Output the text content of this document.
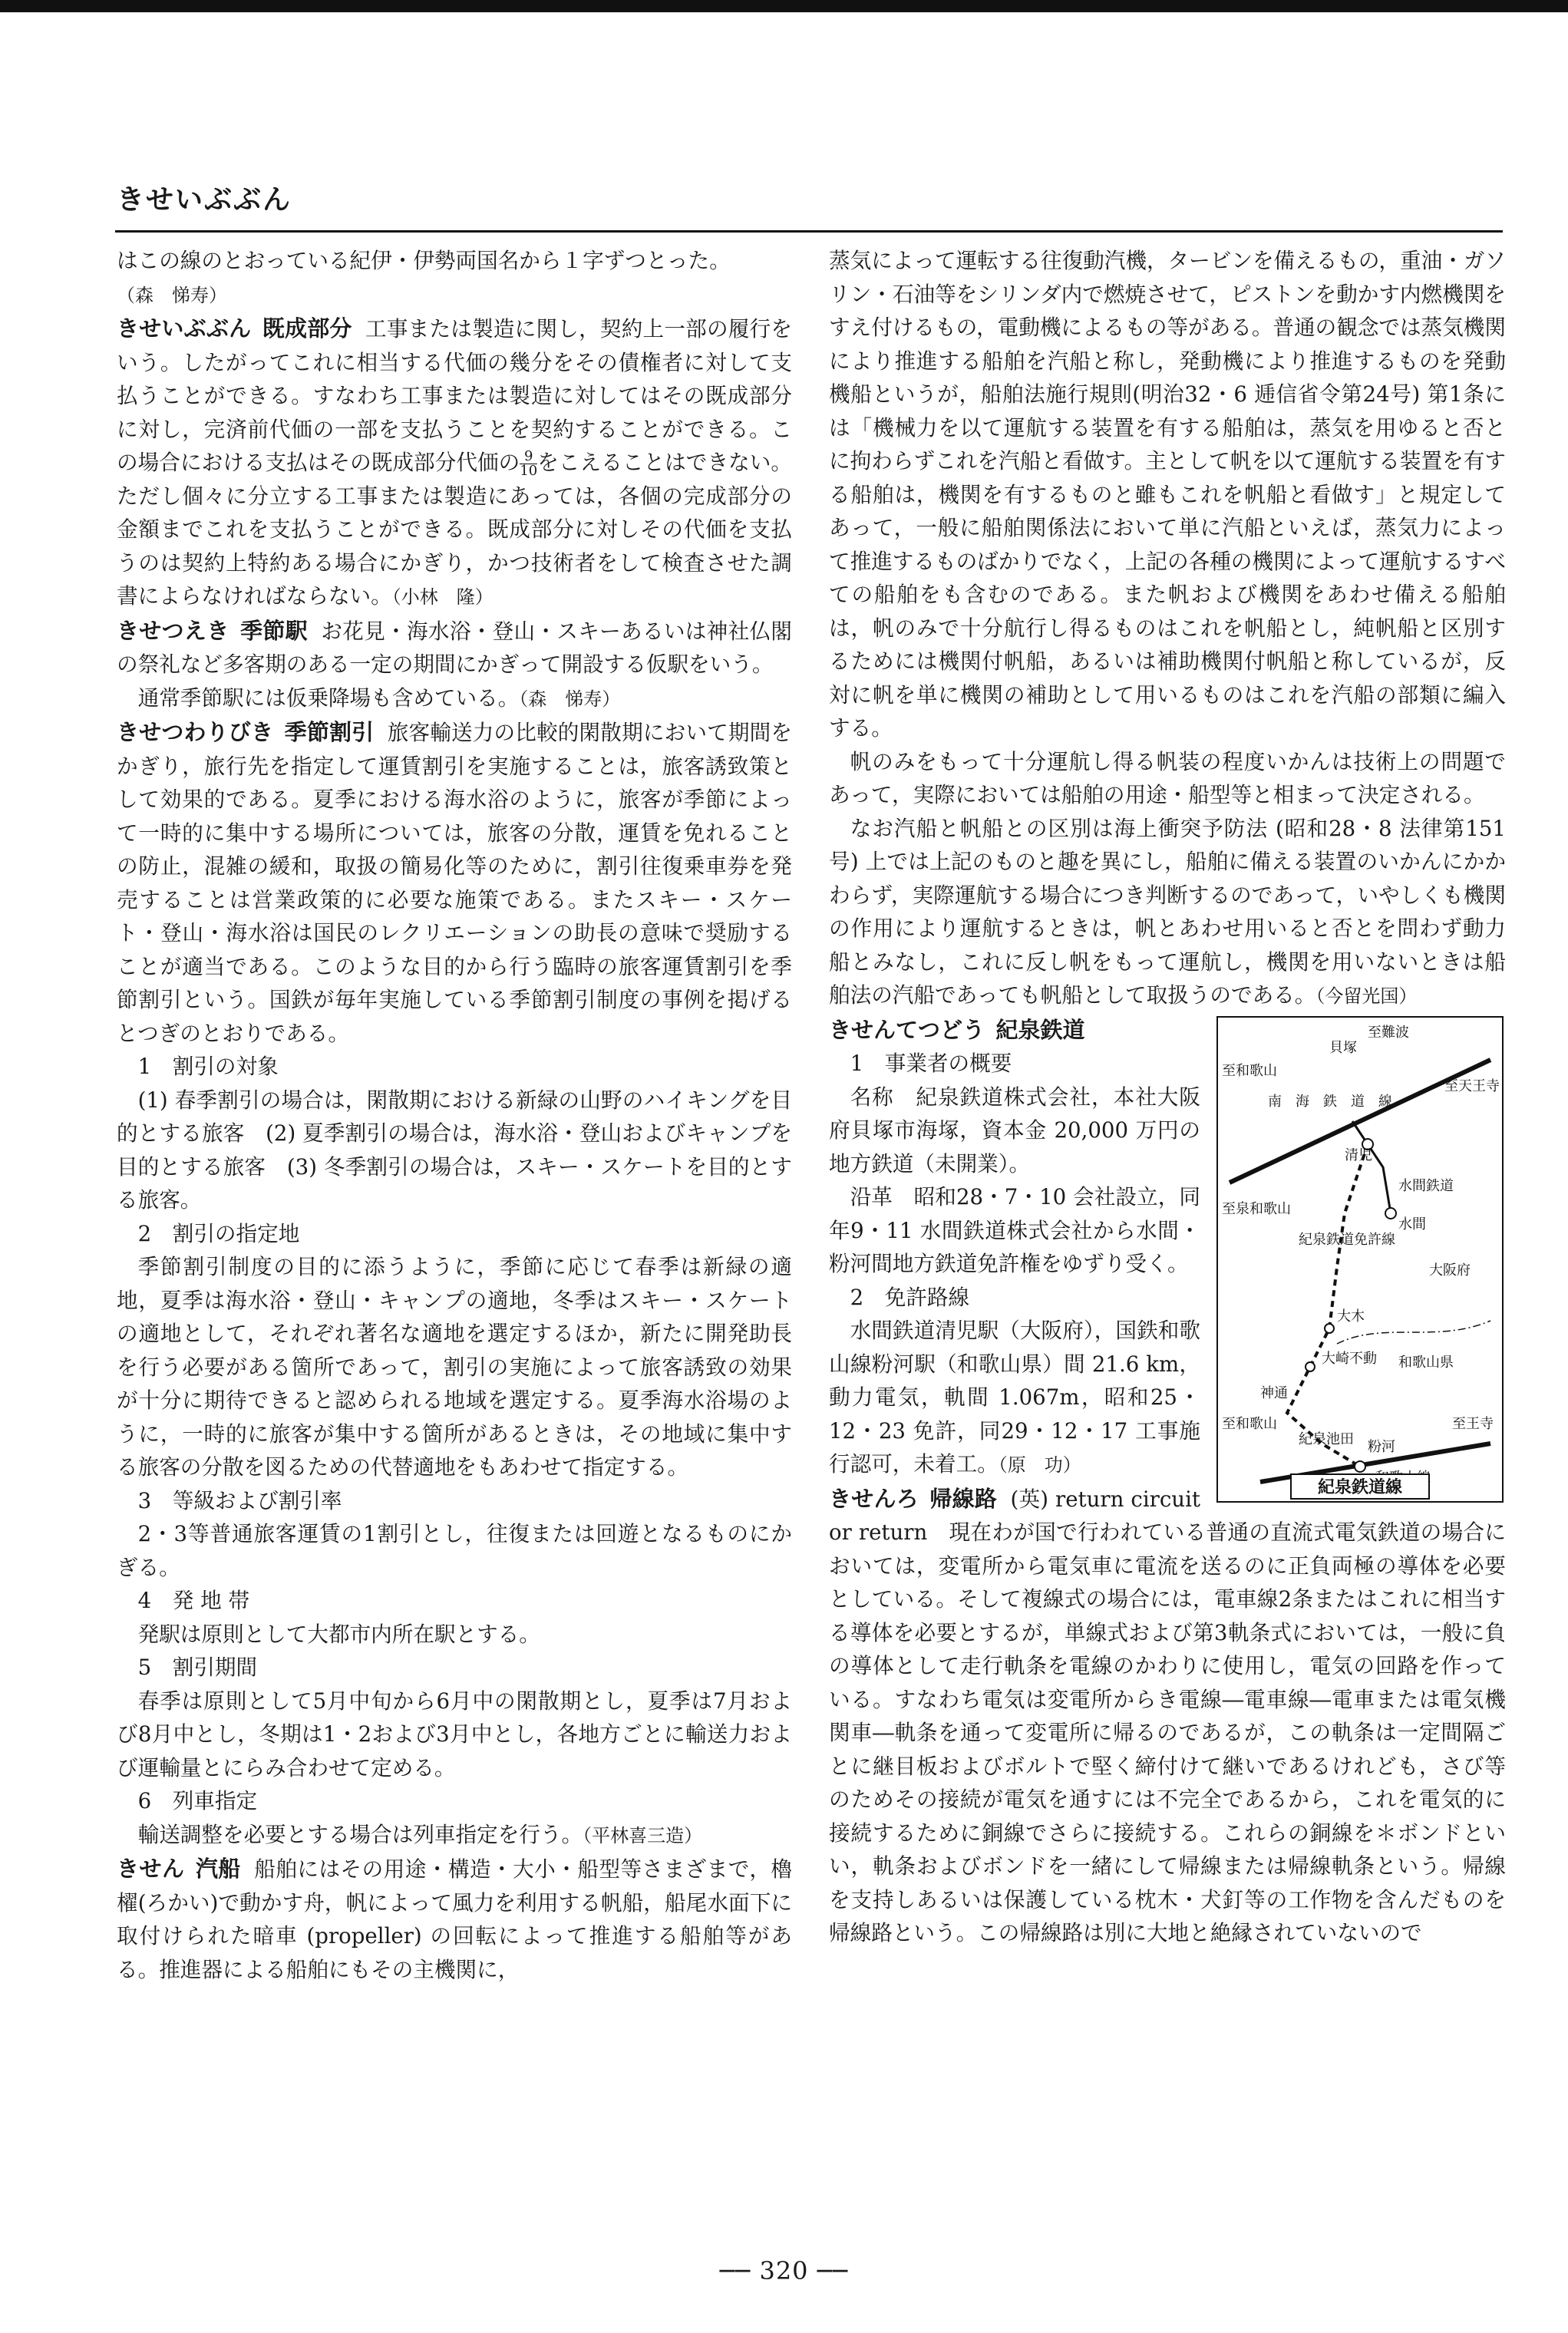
きせいぶぶん

はこの線のとおっている紀伊・伊勢両国名から１字ずつとった。
（森　悌寿）

きせいぶぶん 既成部分 工事または製造に関し，契約上一部の履行をいう。したがってこれに相当する代価の幾分をその債権者に対して支払うことができる。すなわち工事または製造に対してはその既成部分に対し，完済前代価の一部を支払うことを契約することができる。この場合における支払はその既成部分代価の $\frac{9}{10}$ をこえることはできない。ただし個々に分立する工事または製造にあっては，各個の完成部分の金額までこれを支払うことができる。既成部分に対しその代価を支払うのは契約上特約ある場合にかぎり，かつ技術者をして検査させた調書によらなければならない。（小林　隆）

きせつえき 季節駅 お花見・海水浴・登山・スキーあるいは神社仏閣の祭礼など多客期のある一定の期間にかぎって開設する仮駅をいう。

通常季節駅には仮乗降場も含めている。（森　悌寿）

きせつわりびき 季節割引 旅客輸送力の比較的閑散期において期間をかぎり，旅行先を指定して運賃割引を実施することは，旅客誘致策として効果的である。夏季における海水浴のように，旅客が季節によって一時的に集中する場所については，旅客の分散，運賃を免れることの防止，混雑の緩和，取扱の簡易化等のために，割引往復乗車券を発売することは営業政策的に必要な施策である。またスキー・スケート・登山・海水浴は国民のレクリエーションの助長の意味で奨励することが適当である。このような目的から行う臨時の旅客運賃割引を季節割引という。国鉄が毎年実施している季節割引制度の事例を掲げるとつぎのとおりである。

1　割引の対象

(1) 春季割引の場合は，閑散期における新緑の山野のハイキングを目的とする旅客　(2) 夏季割引の場合は，海水浴・登山およびキャンプを目的とする旅客　(3) 冬季割引の場合は，スキー・スケートを目的とする旅客。

2　割引の指定地

季節割引制度の目的に添うように，季節に応じて春季は新緑の適地，夏季は海水浴・登山・キャンプの適地，冬季はスキー・スケートの適地として，それぞれ著名な適地を選定するほか，新たに開発助長を行う必要がある箇所であって，割引の実施によって旅客誘致の効果が十分に期待できると認められる地域を選定する。夏季海水浴場のように，一時的に旅客が集中する箇所があるときは，その地域に集中する旅客の分散を図るための代替適地をもあわせて指定する。

3　等級および割引率

2・3等普通旅客運賃の1割引とし，往復または回遊となるものにかぎる。

4　発 地 帯

発駅は原則として大都市内所在駅とする。

5　割引期間

春季は原則として5月中旬から6月中の閑散期とし，夏季は7月および8月中とし，冬期は1・2および3月中とし，各地方ごとに輸送力および運輸量とにらみ合わせて定める。

6　列車指定

輸送調整を必要とする場合は列車指定を行う。（平林喜三造）

きせん 汽船 船舶にはその用途・構造・大小・船型等さまざまで，櫓櫂(ろかい)で動かす舟，帆によって風力を利用する帆船，船尾水面下に取付けられた暗車 (propeller) の回転によって推進する船舶等がある。推進器による船舶にもその主機関に，

蒸気によって運転する往復動汽機，タービンを備えるもの，重油・ガソリン・石油等をシリンダ内で燃焼させて，ピストンを動かす内燃機関をすえ付けるもの，電動機によるもの等がある。普通の観念では蒸気機関により推進する船舶を汽船と称し，発動機により推進するものを発動機船というが，船舶法施行規則(明治32・6 逓信省令第24号) 第1条には「機械力を以て運航する装置を有する船舶は，蒸気を用ゆると否とに拘わらずこれを汽船と看做す。主として帆を以て運航する装置を有する船舶は，機関を有するものと雖もこれを帆船と看做す」と規定してあって，一般に船舶関係法において単に汽船といえば，蒸気力によって推進するものばかりでなく，上記の各種の機関によって運航するすべての船舶をも含むのである。また帆および機関をあわせ備える船舶は，帆のみで十分航行し得るものはこれを帆船とし，純帆船と区別するためには機関付帆船，あるいは補助機関付帆船と称しているが，反対に帆を単に機関の補助として用いるものはこれを汽船の部類に編入する。

帆のみをもって十分運航し得る帆装の程度いかんは技術上の問題であって，実際においては船舶の用途・船型等と相まって決定される。

なお汽船と帆船との区別は海上衝突予防法 (昭和28・8 法律第151号) 上では上記のものと趣を異にし，船舶に備える装置のいかんにかかわらず，実際運航する場合につき判断するのであって，いやしくも機関の作用により運航するときは，帆とあわせ用いると否とを問わず動力船とみなし，これに反し帆をもって運航し，機関を用いないときは船舶法の汽船であっても帆船として取扱うのである。（今留光国）

至難波
貝塚
南　海　鉄　道　線
至和歌山
至天王寺
清児
水間鉄道
水間
至泉和歌山
大阪府
紀泉鉄道免許線
大木
大崎不動 和歌山県
神通
紀泉池田 粉河
至和歌山	至王寺
紀泉鉄道線

きせんてつどう 紀泉鉄道

1　事業者の概要

名称　紀泉鉄道株式会社，本社大阪府貝塚市海塚，資本金 20,000 万円の地方鉄道（未開業）。

沿革　昭和28・7・10 会社設立，同年9・11 水間鉄道株式会社から水間・粉河間地方鉄道免許権をゆずり受く。

2　免許路線

水間鉄道清児駅（大阪府），国鉄和歌山線粉河駅（和歌山県）間 21.6 km，動力電気，軌間 1.067m，昭和25・12・23 免許，同29・12・17 工事施行認可，未着工。（原　功）

きせんろ 帰線路 (英) return circuit or return　現在わが国で行われている普通の直流式電気鉄道の場合においては，変電所から電気車に電流を送るのに正負両極の導体を必要としている。そして複線式の場合には，電車線2条またはこれに相当する導体を必要とするが，単線式および第3軌条式においては，一般に負の導体として走行軌条を電線のかわりに使用し，電気の回路を作っている。すなわち電気は変電所からき電線―電車線―電車または電気機関車―軌条を通って変電所に帰るのであるが，この軌条は一定間隔ごとに継目板およびボルトで堅く締付けて継いであるけれども，さび等のためその接続が電気を通すには不完全であるから，これを電気的に接続するために銅線でさらに接続する。これらの銅線を＊ボンドといい，軌条およびボンドを一緒にして帰線または帰線軌条という。帰線を支持しあるいは保護している枕木・犬釘等の工作物を含んだものを帰線路という。この帰線路は別に大地と絶縁されていないので

── 320 ──
